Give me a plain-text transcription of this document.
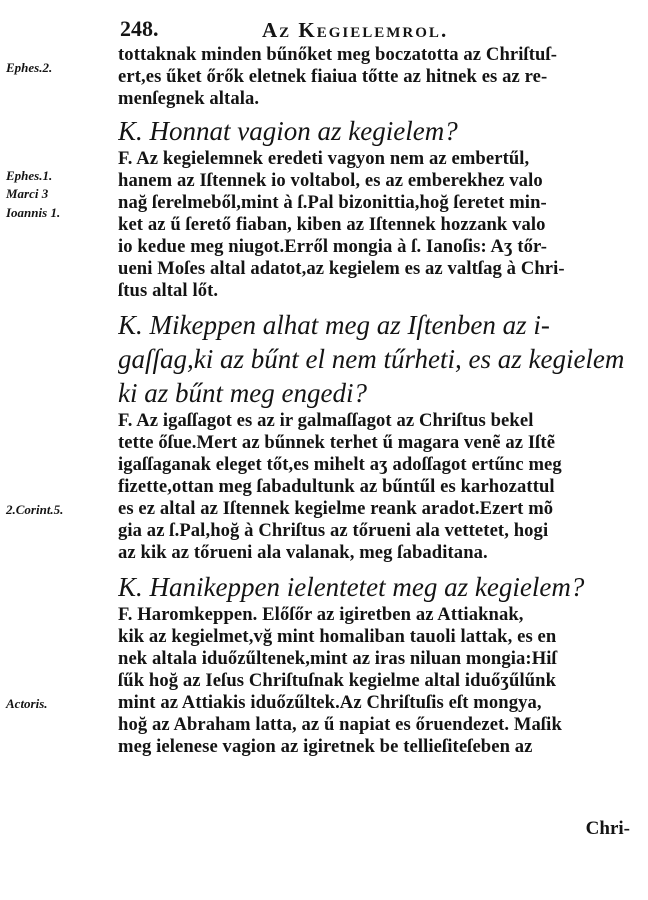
248.	Az Kegielemrol.
Ephes.2.
Ephes.1.
Marci 3
Ioannis 1.
2.Corint.5.
Actoris.
tottaknak minden bűnőket meg boczatotta az Chriſtuſ-
ert,es űket őrők eletnek fiaiua tőtte az hitnek es az re-
menſegnek altala.
K. Honnat vagion az kegielem?
F. Az kegielemnek eredeti vagyon nem az embertűl,
hanem az Iſtennek io voltabol, es az emberekhez valo
nağ ſerelmeből,mint à ſ.Pal bizonittia,hoğ ſeretet min-
ket az ű ſerető fiaban, kiben az Iſtennek hozzank valo
io kedue meg niugot.Erről mongia à ſ. Ianoſis: Aʒ tőr-
ueni Moſes altal adatot,az kegielem es az valtſag à Chri-
ſtus altal lőt.
K. Mikeppen alhat meg az Iſtenben az i-
gaſſag,ki az bűnt el nem tűrheti, es az kegielem
ki az bűnt meg engedi?
F. Az igaſſagot es az ir galmaſſagot az Chriſtus bekel
tette őſue.Mert az bűnnek terhet ű magara venẽ az Iſtẽ
igaſſaganak eleget tőt,es mihelt aʒ adoſſagot ertűnc meg
fizette,ottan meg ſabadultunk az bűntűl es karhozattul
es ez altal az Iſtennek kegielme reank aradot.Ezert mõ
gia az ſ.Pal,hoğ à Chriſtus az tőrueni ala vettetet, hogi
az kik az tőrueni ala valanak, meg ſabaditana.
K. Hanikeppen ielentetet meg az kegielem?
F. Haromkeppen. Előſőr az igiretben az Attiaknak,
kik az kegielmet,vğ mint homaliban tauoli lattak, es en
nek altala iduőzűltenek,mint az iras niluan mongia:Hiſ
ſűk hoğ az Ieſus Chriſtuſnak kegielme altal iduőʒűlűnk
mint az Attiakis iduőzűltek.Az Chriſtuſis eſt mongya,
hoğ az Abraham latta, az ű napiat es őruendezet. Maſik
meg ielenese vagion az igiretnek be tellieſiteſeben az
Chri-
